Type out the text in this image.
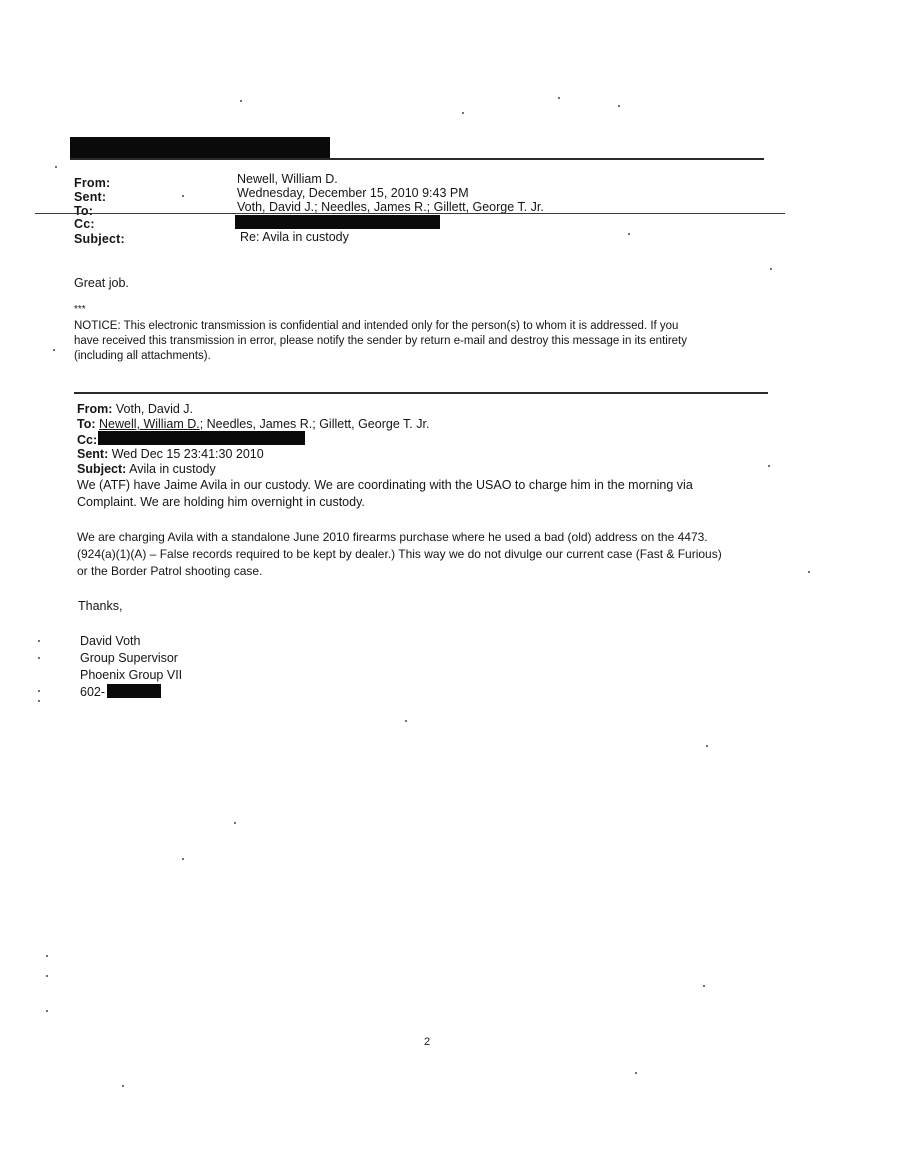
From:	Newell, William D.
Sent:	Wednesday, December 15, 2010 9:43 PM
To:	Voth, David J.; Needles, James R.; Gillett, George T. Jr.
Cc:
Subject:	Re: Avila in custody
Great job.
***
NOTICE: This electronic transmission is confidential and intended only for the person(s) to whom it is addressed. If you
have received this transmission in error, please notify the sender by return e-mail and destroy this message in its entirety
(including all attachments).
From: Voth, David J.
To: Newell, William D.; Needles, James R.; Gillett, George T. Jr.
Cc:
Sent: Wed Dec 15 23:41:30 2010
Subject: Avila in custody
We (ATF) have Jaime Avila in our custody. We are coordinating with the USAO to charge him in the morning via
Complaint. We are holding him overnight in custody.
We are charging Avila with a standalone June 2010 firearms purchase where he used a bad (old) address on the 4473.
(924(a)(1)(A) – False records required to be kept by dealer.) This way we do not divulge our current case (Fast & Furious)
or the Border Patrol shooting case.
Thanks,
David Voth
Group Supervisor
Phoenix Group VII
602-
2
